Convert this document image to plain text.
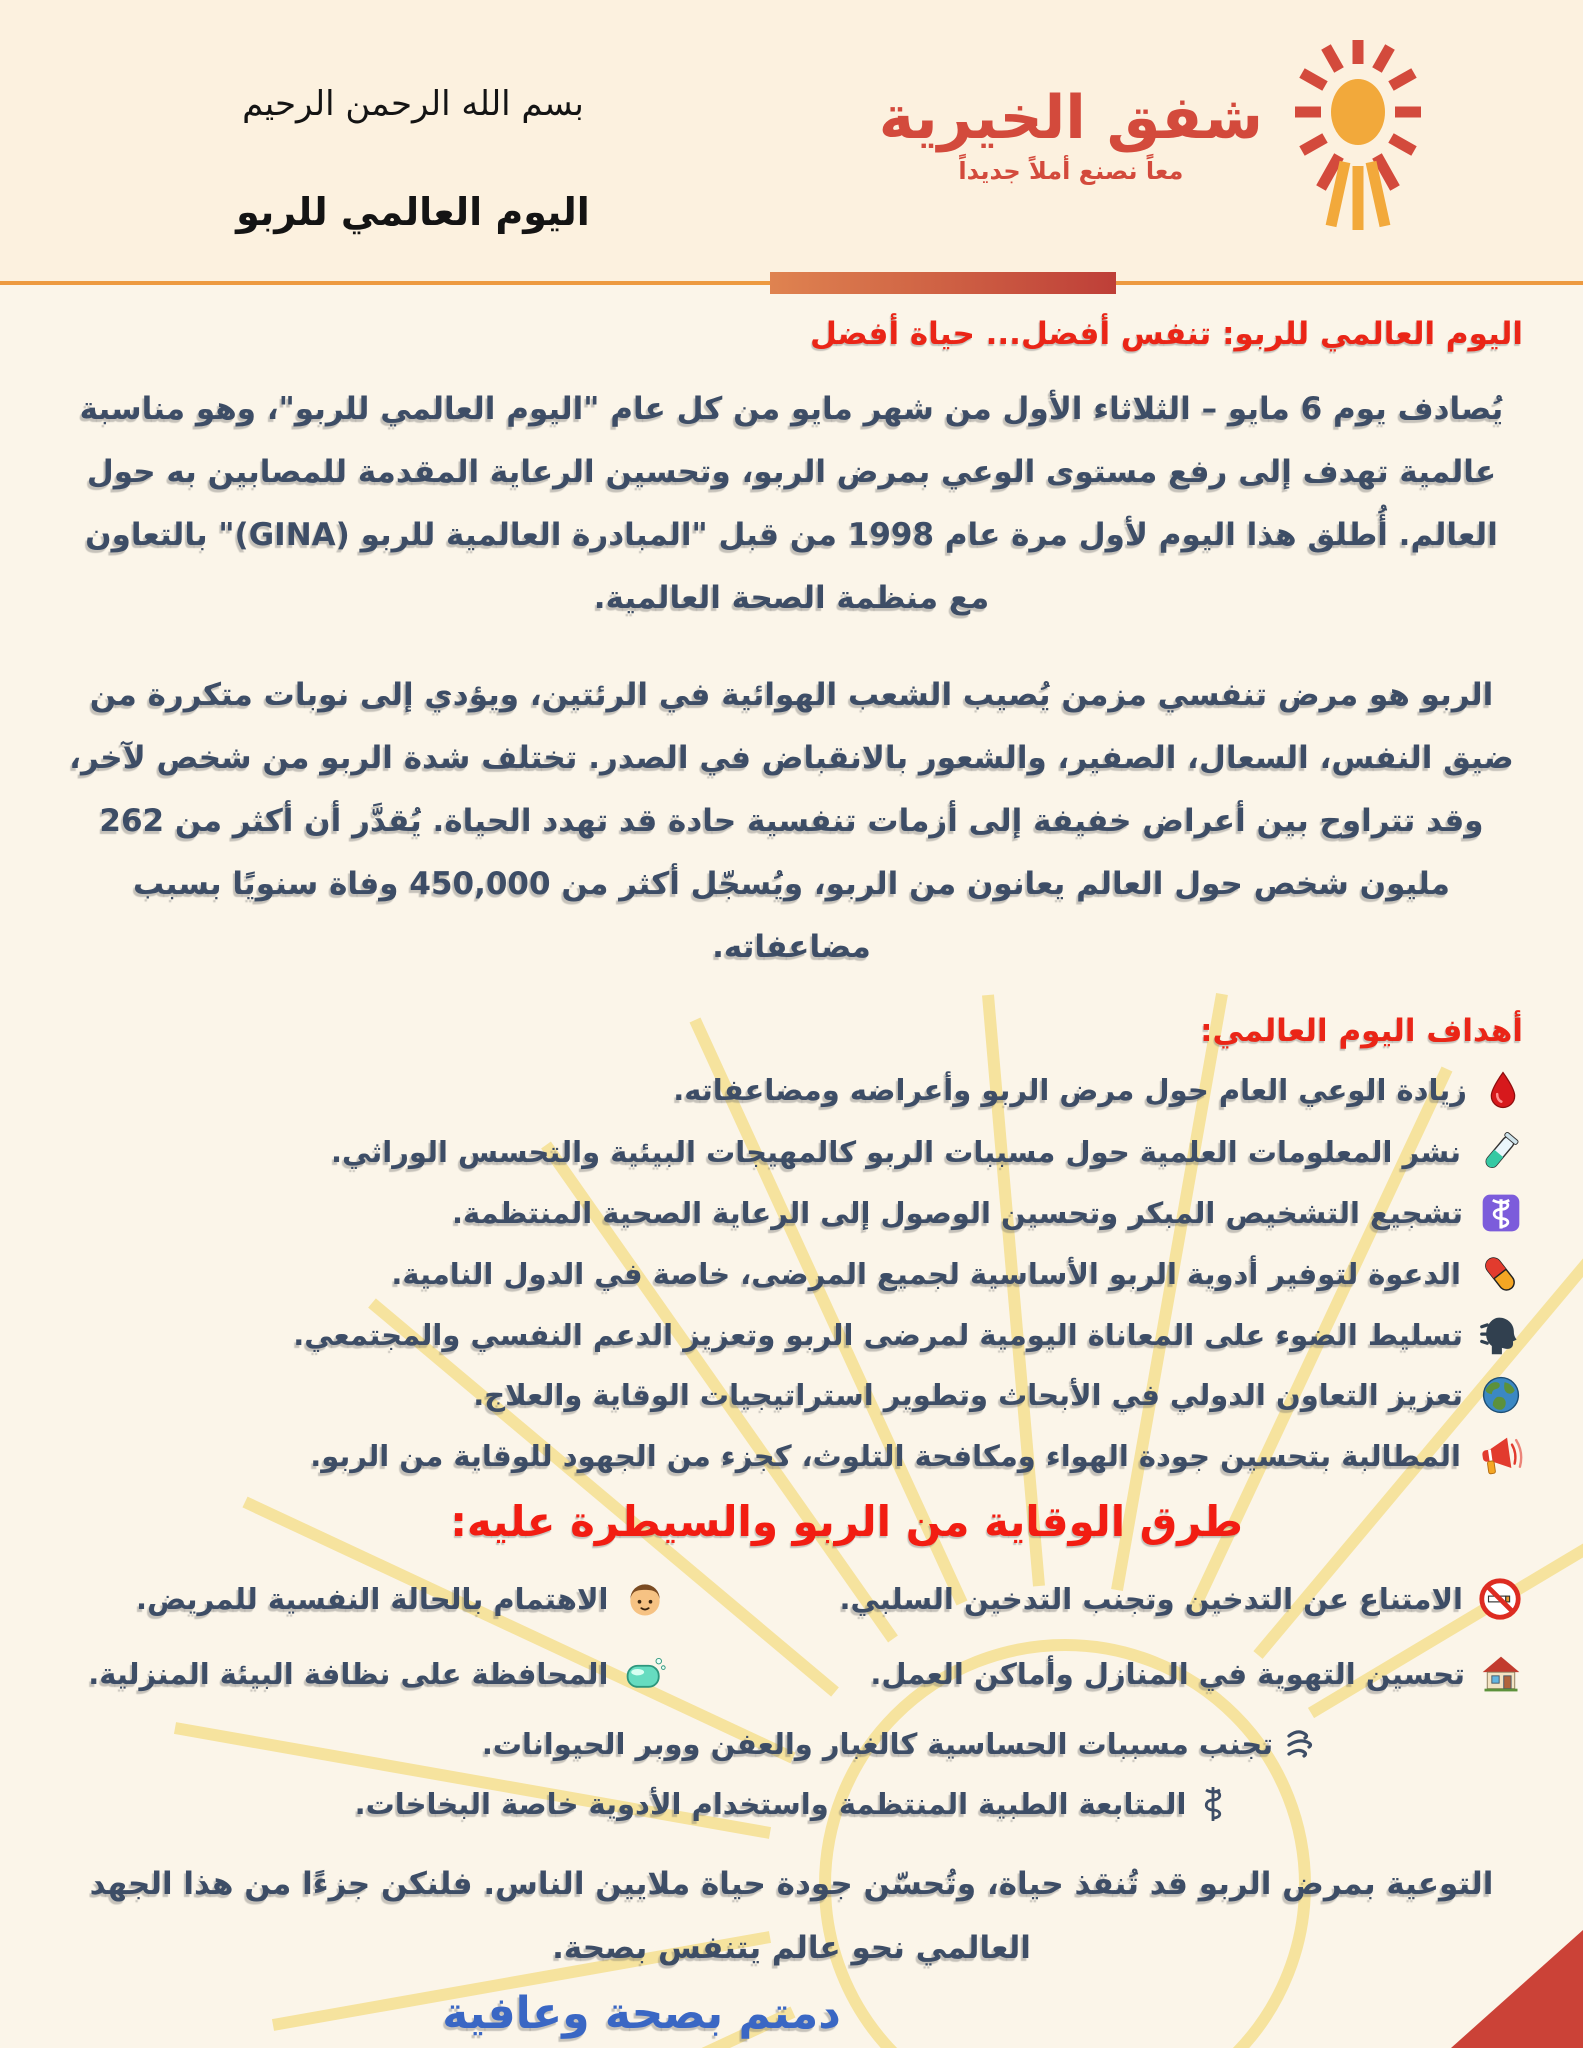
شفق الخيرية
معاً نصنع أملاً جديداً
بسم الله الرحمن الرحيم
اليوم العالمي للربو
اليوم العالمي للربو: تنفس أفضل... حياة أفضل

يُصادف يوم 6 مايو – الثلاثاء الأول من شهر مايو من كل عام "اليوم العالمي للربو"، وهو مناسبة عالمية تهدف إلى رفع مستوى الوعي بمرض الربو، وتحسين الرعاية المقدمة للمصابين به حول العالم. أُطلق هذا اليوم لأول مرة عام 1998 من قبل "المبادرة العالمية للربو (GINA)" بالتعاون مع منظمة الصحة العالمية.

الربو هو مرض تنفسي مزمن يُصيب الشعب الهوائية في الرئتين، ويؤدي إلى نوبات متكررة من ضيق النفس، السعال، الصفير، والشعور بالانقباض في الصدر. تختلف شدة الربو من شخص لآخر، وقد تتراوح بين أعراض خفيفة إلى أزمات تنفسية حادة قد تهدد الحياة. يُقدَّر أن أكثر من 262 مليون شخص حول العالم يعانون من الربو، ويُسجّل أكثر من 450,000 وفاة سنويًا بسبب مضاعفاته.

أهداف اليوم العالمي:
زيادة الوعي العام حول مرض الربو وأعراضه ومضاعفاته.
نشر المعلومات العلمية حول مسببات الربو كالمهيجات البيئية والتحسس الوراثي.
تشجيع التشخيص المبكر وتحسين الوصول إلى الرعاية الصحية المنتظمة.
الدعوة لتوفير أدوية الربو الأساسية لجميع المرضى، خاصة في الدول النامية.
تسليط الضوء على المعاناة اليومية لمرضى الربو وتعزيز الدعم النفسي والمجتمعي.
تعزيز التعاون الدولي في الأبحاث وتطوير استراتيجيات الوقاية والعلاج.
المطالبة بتحسين جودة الهواء ومكافحة التلوث، كجزء من الجهود للوقاية من الربو.
طرق الوقاية من الربو والسيطرة عليه:
الامتناع عن التدخين وتجنب التدخين السلبي.
الاهتمام بالحالة النفسية للمريض.
تحسين التهوية في المنازل وأماكن العمل.
المحافظة على نظافة البيئة المنزلية.
تجنب مسببات الحساسية كالغبار والعفن ووبر الحيوانات.
المتابعة الطبية المنتظمة واستخدام الأدوية خاصة البخاخات.

التوعية بمرض الربو قد تُنقذ حياة، وتُحسّن جودة حياة ملايين الناس. فلنكن جزءًا من هذا الجهد العالمي نحو عالم يتنفس بصحة.

دمتم بصحة وعافية
